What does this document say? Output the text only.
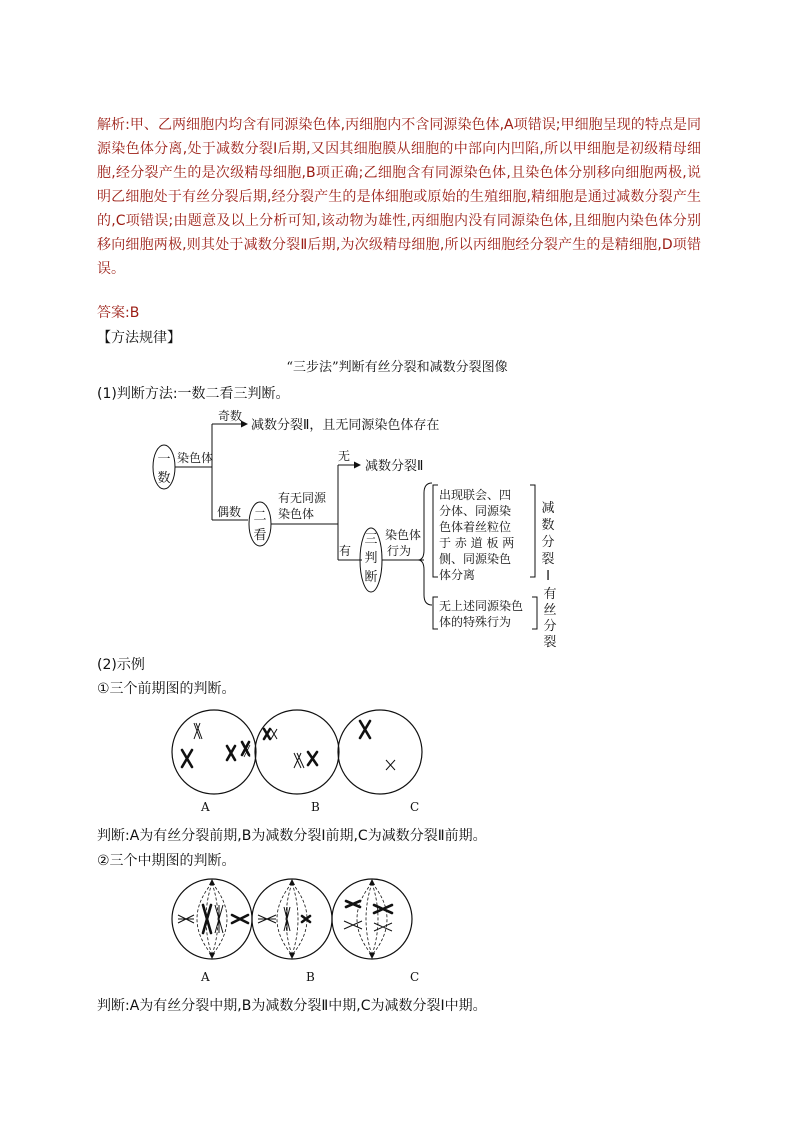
解析:甲、乙两细胞内均含有同源染色体,丙细胞内不含同源染色体,A项错误;甲细胞呈现的特点是同源染色体分离,处于减数分裂Ⅰ后期,又因其细胞膜从细胞的中部向内凹陷,所以甲细胞是初级精母细胞,经分裂产生的是次级精母细胞,B项正确;乙细胞含有同源染色体,且染色体分别移向细胞两极,说明乙细胞处于有丝分裂后期,经分裂产生的是体细胞或原始的生殖细胞,精细胞是通过减数分裂产生的,C项错误;由题意及以上分析可知,该动物为雄性,丙细胞内没有同源染色体,且细胞内染色体分别移向细胞两极,则其处于减数分裂Ⅱ后期,为次级精母细胞,所以丙细胞经分裂产生的是精细胞,D项错误。
答案:B
【方法规律】
“三步法”判断有丝分裂和减数分裂图像
(1)判断方法:一数二看三判断。
一
数
二
看	三
判
断
染色体
奇数
减数分裂Ⅱ，且无同源染色体存在
偶数
有无同源
染色体
无
减数分裂Ⅱ
有
染色体
行为
出现联会、四
分体、同源染
色体着丝粒位
于 赤 道 板 两
侧、同源染色
体分离
减
数
分
裂
Ⅰ
无上述同源染色
体的特殊行为
有
丝
分
裂
(2)示例
①三个前期图的判断。
A	B	C
判断:A为有丝分裂前期,B为减数分裂Ⅰ前期,C为减数分裂Ⅱ前期。
②三个中期图的判断。
A	B	C
判断:A为有丝分裂中期,B为减数分裂Ⅱ中期,C为减数分裂Ⅰ中期。
